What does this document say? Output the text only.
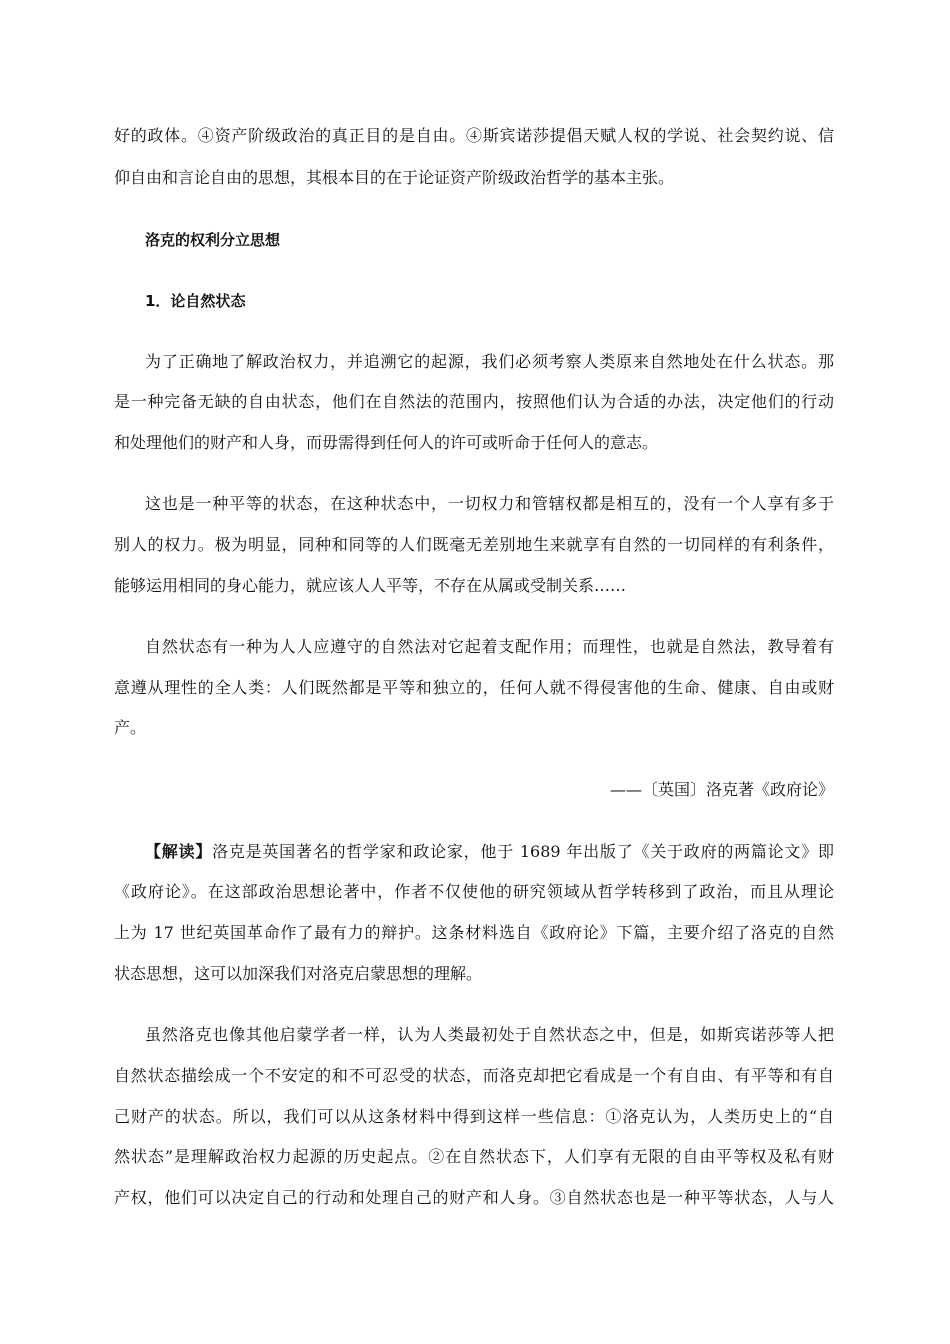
好的政体。④资产阶级政治的真正目的是自由。④斯宾诺莎提倡天赋人权的学说、社会契约说、信
仰自由和言论自由的思想，其根本目的在于论证资产阶级政治哲学的基本主张。
洛克的权利分立思想
1．论自然状态
为了正确地了解政治权力，并追溯它的起源，我们必须考察人类原来自然地处在什么状态。那
是一种完备无缺的自由状态，他们在自然法的范围内，按照他们认为合适的办法，决定他们的行动
和处理他们的财产和人身，而毋需得到任何人的许可或听命于任何人的意志。
这也是一种平等的状态，在这种状态中，一切权力和管辖权都是相互的，没有一个人享有多于
别人的权力。极为明显，同种和同等的人们既毫无差别地生来就享有自然的一切同样的有利条件，
能够运用相同的身心能力，就应该人人平等，不存在从属或受制关系……
自然状态有一种为人人应遵守的自然法对它起着支配作用；而理性，也就是自然法，教导着有
意遵从理性的全人类：人们既然都是平等和独立的，任何人就不得侵害他的生命、健康、自由或财
产。
——〔英国〕洛克著《政府论》
【解读】洛克是英国著名的哲学家和政论家，他于 1689 年出版了《关于政府的两篇论文》即
《政府论》。在这部政治思想论著中，作者不仅使他的研究领域从哲学转移到了政治，而且从理论
上为 17 世纪英国革命作了最有力的辩护。这条材料选自《政府论》下篇，主要介绍了洛克的自然
状态思想，这可以加深我们对洛克启蒙思想的理解。
虽然洛克也像其他启蒙学者一样，认为人类最初处于自然状态之中，但是，如斯宾诺莎等人把
自然状态描绘成一个不安定的和不可忍受的状态，而洛克却把它看成是一个有自由、有平等和有自
己财产的状态。所以，我们可以从这条材料中得到这样一些信息：①洛克认为，人类历史上的“自
然状态”是理解政治权力起源的历史起点。②在自然状态下，人们享有无限的自由平等权及私有财
产权，他们可以决定自己的行动和处理自己的财产和人身。③自然状态也是一种平等状态，人与人
